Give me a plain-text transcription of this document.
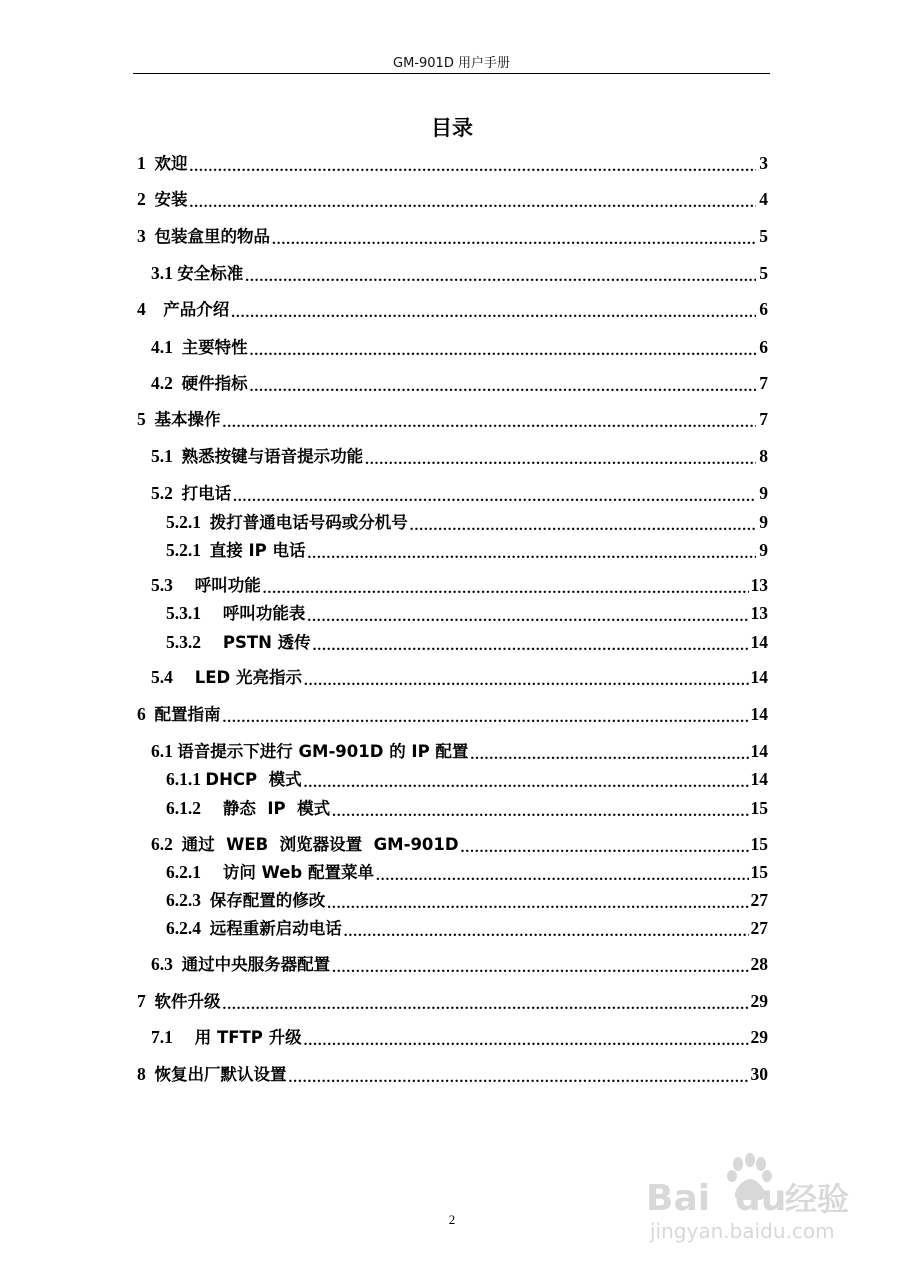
GM-901D 用户手册
目录
1 欢迎 .....	3
2 安装 .....	4
3 包装盒里的物品 .....	5
3.1 安全标准 .....	5
4 产品介绍 .....	6
4.1 主要特性 .....	6
4.2 硬件指标 .....	7
5 基本操作 .....	7
5.1 熟悉按键与语音提示功能 .....	8
5.2 打电话 .....	9
5.2.1 拨打普通电话号码或分机号 .....	9
5.2.1 直接 IP 电话 .....	9
5.3 呼叫功能 .....	13
5.3.1 呼叫功能表 .....	13
5.3.2 PSTN 透传 .....	14
5.4 LED 光亮指示 .....	14
6 配置指南 .....	14
6.1 语音提示下进行 GM-901D 的 IP 配置 .....	14
6.1.1 DHCP  模式 .....	14
6.1.2 静态  IP  模式 .....	15
6.2 通过  WEB  浏览器设置  GM-901D .....	15
6.2.1 访问 Web 配置菜单 .....	15
6.2.3 保存配置的修改 .....	27
6.2.4 远程重新启动电话 .....	27
6.3 通过中央服务器配置 .....	28
7 软件升级 .....	29
7.1 用 TFTP 升级 .....	29
8 恢复出厂默认设置 .....	30
2
Bai du
经验
jingyan.baidu.com
